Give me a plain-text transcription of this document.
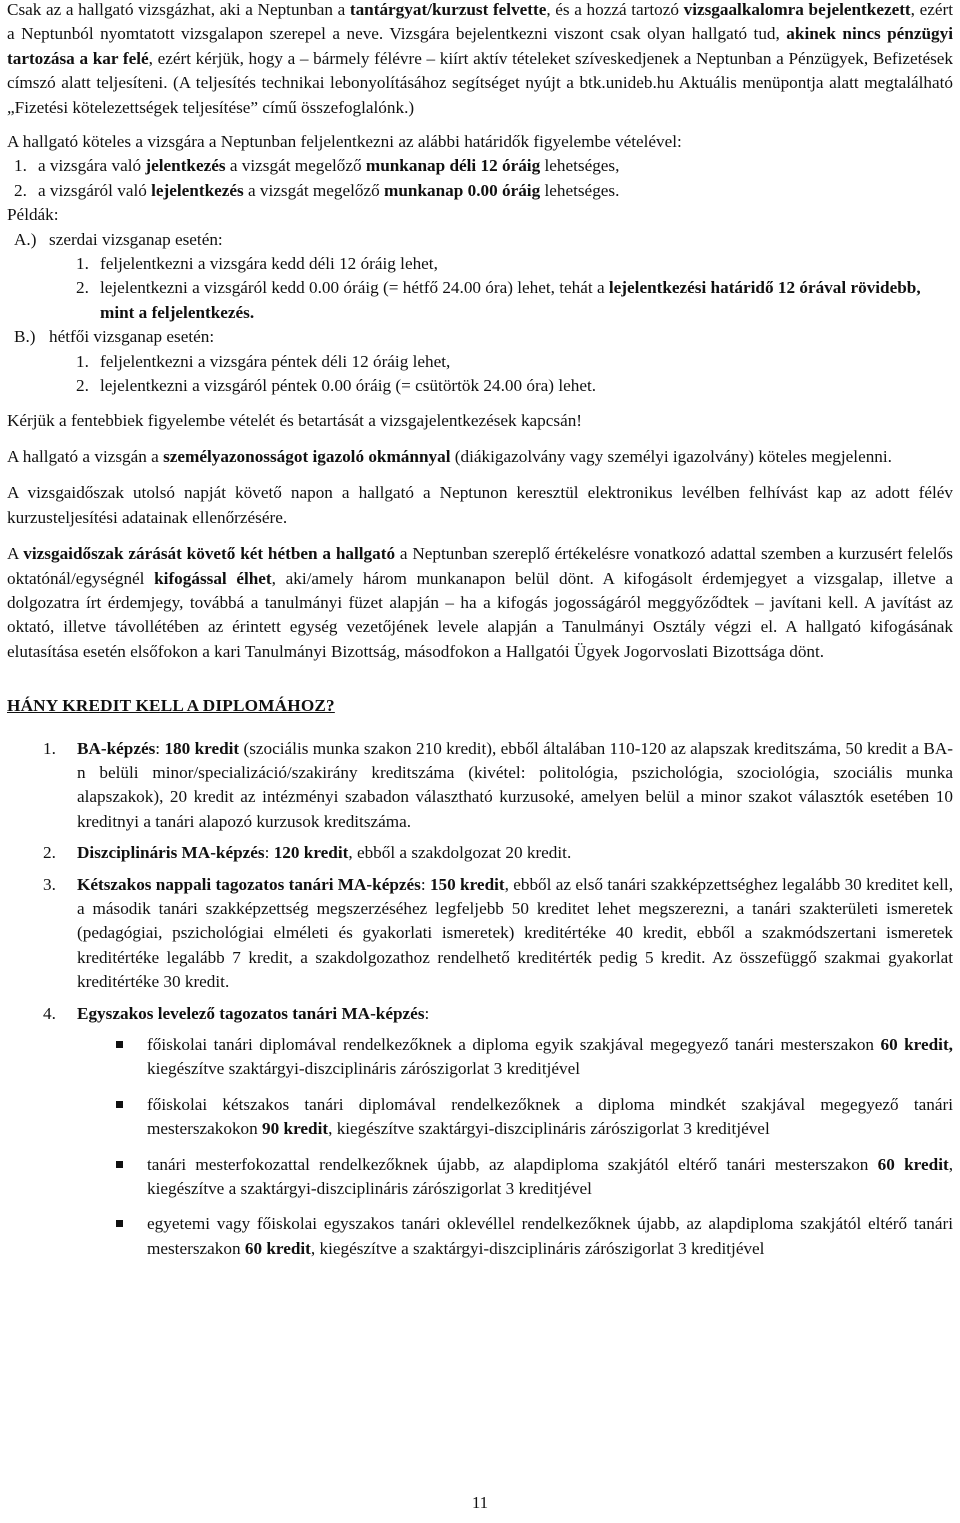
Csak az a hallgató vizsgázhat, aki a Neptunban a tantárgyat/kurzust felvette, és a hozzá tartozó vizsgaalkalomra bejelentkezett, ezért a Neptunból nyomtatott vizsgalapon szerepel a neve. Vizsgára bejelentkezni viszont csak olyan hallgató tud, akinek nincs pénzügyi tartozása a kar felé, ezért kérjük, hogy a – bármely félévre – kiírt aktív tételeket szíveskedjenek a Neptunban a Pénzügyek, Befizetések címszó alatt teljesíteni. (A teljesítés technikai lebonyolításához segítséget nyújt a btk.unideb.hu Aktuális menüpontja alatt megtalálható „Fizetési kötelezettségek teljesítése” című összefoglalónk.)

A hallgató köteles a vizsgára a Neptunban feljelentkezni az alábbi határidők figyelembe vételével:

1. a vizsgára való jelentkezés a vizsgát megelőző munkanap déli 12 óráig lehetséges,
2. a vizsgáról való lejelentkezés a vizsgát megelőző munkanap 0.00 óráig lehetséges.
Példák:
A.) szerdai vizsganap esetén:
1. feljelentkezni a vizsgára kedd déli 12 óráig lehet,
2. lejelentkezni a vizsgáról kedd 0.00 óráig (= hétfő 24.00 óra) lehet, tehát a lejelentkezési határidő 12 órával rövidebb, mint a feljelentkezés.
B.) hétfői vizsganap esetén:
1. feljelentkezni a vizsgára péntek déli 12 óráig lehet,
2. lejelentkezni a vizsgáról péntek 0.00 óráig (= csütörtök 24.00 óra) lehet.

Kérjük a fentebbiek figyelembe vételét és betartását a vizsgajelentkezések kapcsán!

A hallgató a vizsgán a személyazonosságot igazoló okmánnyal (diákigazolvány vagy személyi igazolvány) köteles megjelenni.

A vizsgaidőszak utolsó napját követő napon a hallgató a Neptunon keresztül elektronikus levélben felhívást kap az adott félév kurzusteljesítési adatainak ellenőrzésére.

A vizsgaidőszak zárását követő két hétben a hallgató a Neptunban szereplő értékelésre vonatkozó adattal szemben a kurzusért felelős oktatónál/egységnél kifogással élhet, aki/amely három munkanapon belül dönt. A kifogásolt érdemjegyet a vizsgalap, illetve a dolgozatra írt érdemjegy, továbbá a tanulmányi füzet alapján – ha a kifogás jogosságáról meggyőződtek – javítani kell. A javítást az oktató, illetve távollétében az érintett egység vezetőjének levele alapján a Tanulmányi Osztály végzi el. A hallgató kifogásának elutasítása esetén elsőfokon a kari Tanulmányi Bizottság, másodfokon a Hallgatói Ügyek Jogorvoslati Bizottsága dönt.

HÁNY KREDIT KELL A DIPLOMÁHOZ?
1. BA-képzés: 180 kredit (szociális munka szakon 210 kredit), ebből általában 110-120 az alapszak kreditszáma, 50 kredit a BA-n belüli minor/specializáció/szakirány kreditszáma (kivétel: politológia, pszichológia, szociológia, szociális munka alapszakok), 20 kredit az intézményi szabadon választható kurzusoké, amelyen belül a minor szakot választók esetében 10 kreditnyi a tanári alapozó kurzusok kreditszáma.
2. Diszciplináris MA-képzés: 120 kredit, ebből a szakdolgozat 20 kredit.
3. Kétszakos nappali tagozatos tanári MA-képzés: 150 kredit, ebből az első tanári szakképzettséghez legalább 30 kreditet kell, a második tanári szakképzettség megszerzéséhez legfeljebb 50 kreditet lehet megszerezni, a tanári szakterületi ismeretek (pedagógiai, pszichológiai elméleti és gyakorlati ismeretek) kreditértéke 40 kredit, ebből a szakmódszertani ismeretek kreditértéke legalább 7 kredit, a szakdolgozathoz rendelhető kreditérték pedig 5 kredit. Az összefüggő szakmai gyakorlat kreditértéke 30 kredit.
4. Egyszakos levelező tagozatos tanári MA-képzés:
főiskolai tanári diplomával rendelkezőknek a diploma egyik szakjával megegyező tanári mesterszakon 60 kredit, kiegészítve szaktárgyi-diszciplináris zárószigorlat 3 kreditjével
főiskolai kétszakos tanári diplomával rendelkezőknek a diploma mindkét szakjával megegyező tanári mesterszakokon 90 kredit, kiegészítve szaktárgyi-diszciplináris zárószigorlat 3 kreditjével
tanári mesterfokozattal rendelkezőknek újabb, az alapdiploma szakjától eltérő tanári mesterszakon 60 kredit, kiegészítve a szaktárgyi-diszciplináris zárószigorlat 3 kreditjével
egyetemi vagy főiskolai egyszakos tanári oklevéllel rendelkezőknek újabb, az alapdiploma szakjától eltérő tanári mesterszakon 60 kredit, kiegészítve a szaktárgyi-diszciplináris zárószigorlat 3 kreditjével
11
